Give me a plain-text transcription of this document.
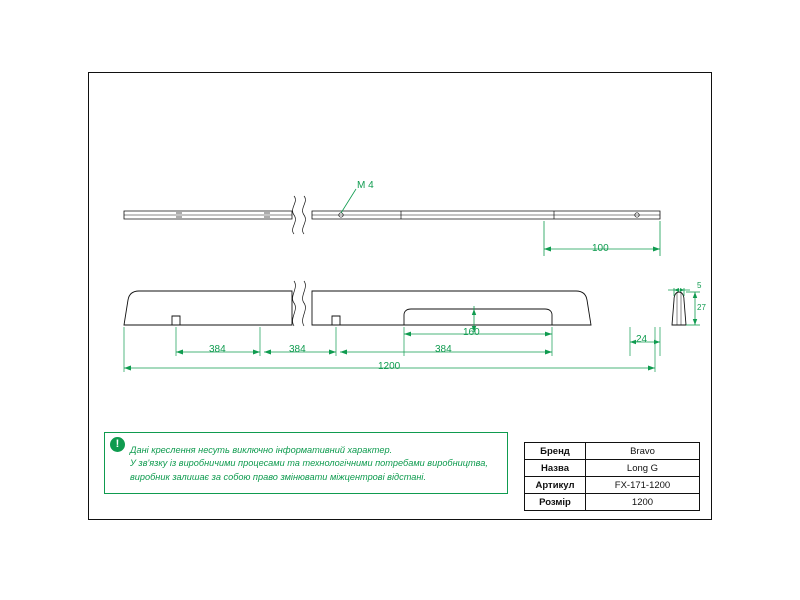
M 4
100
384	384	384
24
160
1200
5
27
!	Дані креслення несуть виключно інформативний характер.
У зв'язку із виробничими процесами та технологічними потребами виробництва,
виробник залишає за собою право змінювати міжцентрові відстані.
Бренд	Bravo
Назва	Long G
Артикул	FX-171-1200
Розмір	1200
